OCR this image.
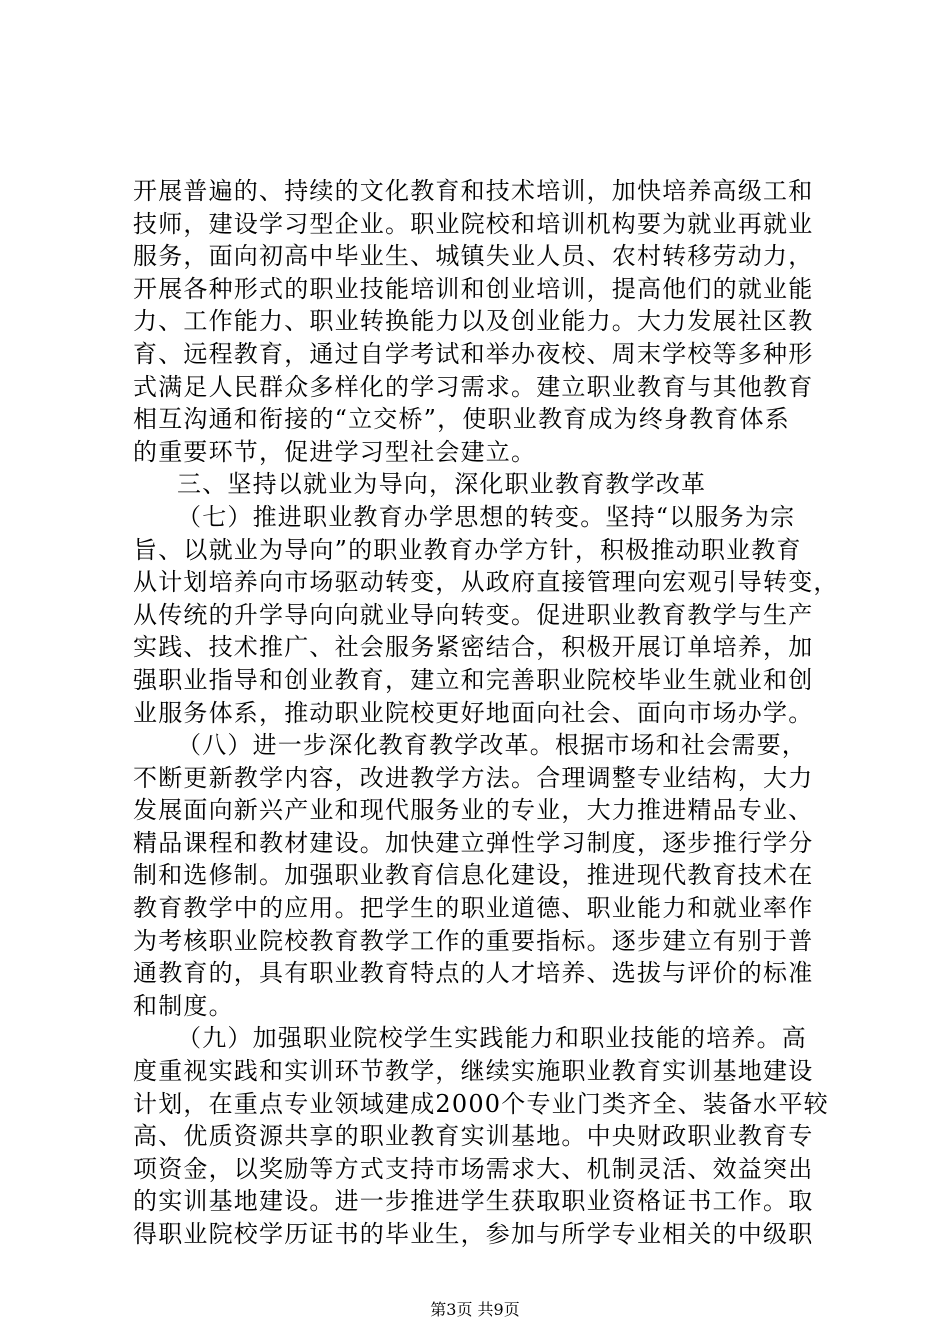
开展普遍的、持续的文化教育和技术培训，加快培养高级工和
技师，建设学习型企业。职业院校和培训机构要为就业再就业
服务，面向初高中毕业生、城镇失业人员、农村转移劳动力，
开展各种形式的职业技能培训和创业培训，提高他们的就业能
力、工作能力、职业转换能力以及创业能力。大力发展社区教
育、远程教育，通过自学考试和举办夜校、周末学校等多种形
式满足人民群众多样化的学习需求。建立职业教育与其他教育
相互沟通和衔接的“立交桥”，使职业教育成为终身教育体系
的重要环节，促进学习型社会建立。
三、坚持以就业为导向，深化职业教育教学改革
（七）推进职业教育办学思想的转变。坚持“以服务为宗
旨、以就业为导向”的职业教育办学方针，积极推动职业教育
从计划培养向市场驱动转变，从政府直接管理向宏观引导转变，
从传统的升学导向向就业导向转变。促进职业教育教学与生产
实践、技术推广、社会服务紧密结合，积极开展订单培养，加
强职业指导和创业教育，建立和完善职业院校毕业生就业和创
业服务体系，推动职业院校更好地面向社会、面向市场办学。
（八）进一步深化教育教学改革。根据市场和社会需要，
不断更新教学内容，改进教学方法。合理调整专业结构，大力
发展面向新兴产业和现代服务业的专业，大力推进精品专业、
精品课程和教材建设。加快建立弹性学习制度，逐步推行学分
制和选修制。加强职业教育信息化建设，推进现代教育技术在
教育教学中的应用。把学生的职业道德、职业能力和就业率作
为考核职业院校教育教学工作的重要指标。逐步建立有别于普
通教育的，具有职业教育特点的人才培养、选拔与评价的标准
和制度。
（九）加强职业院校学生实践能力和职业技能的培养。高
度重视实践和实训环节教学，继续实施职业教育实训基地建设
计划，在重点专业领域建成2000个专业门类齐全、装备水平较
高、优质资源共享的职业教育实训基地。中央财政职业教育专
项资金，以奖励等方式支持市场需求大、机制灵活、效益突出
的实训基地建设。进一步推进学生获取职业资格证书工作。取
得职业院校学历证书的毕业生，参加与所学专业相关的中级职
第3页 共9页
